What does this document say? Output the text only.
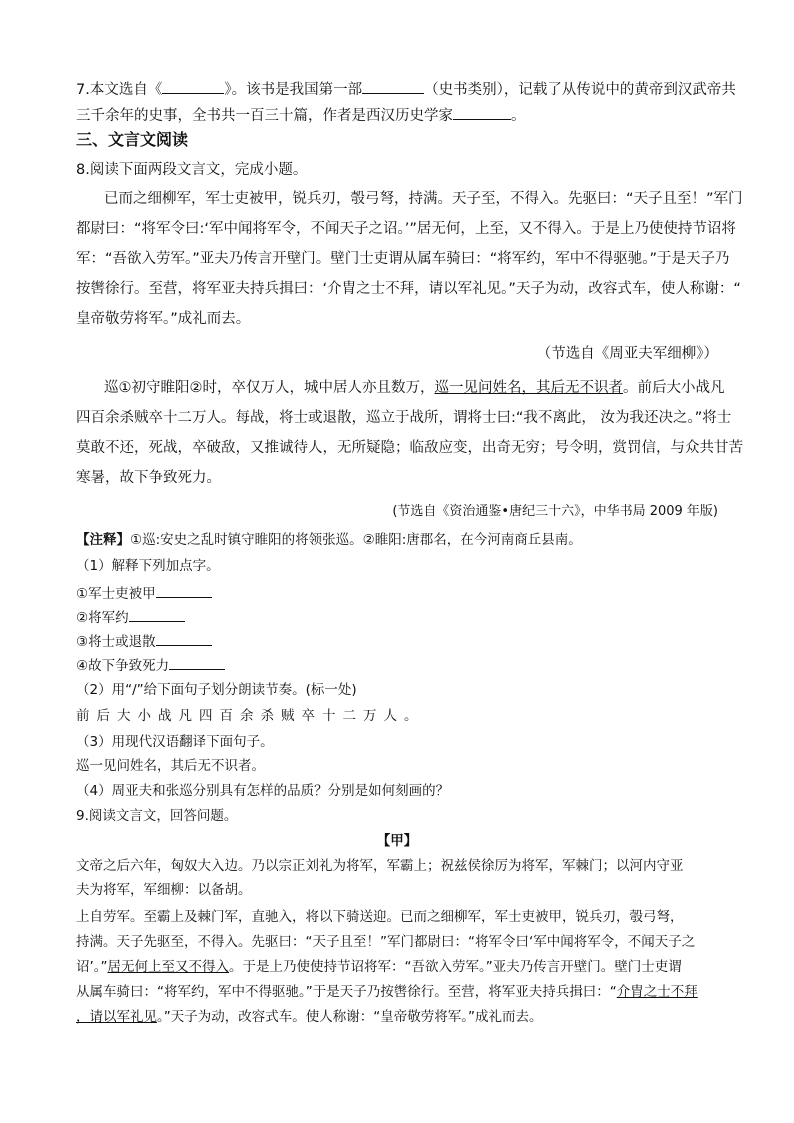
7.本文选自《	》。该书是我国第一部	（史书类别），记载了从传说中的黄帝到汉武帝共
三千余年的史事，全书共一百三十篇，作者是西汉历史学家	。
三、文言文阅读
8.阅读下面两段文言文，完成小题。
已而之细柳军，军士吏被甲，锐兵刃，彀弓弩，持满。天子至，不得入。先驱曰：“天子且至！”军门
都尉曰：“将军令曰:‘军中闻将军令，不闻天子之诏。’”居无何，上至，又不得入。于是上乃使使持节诏将
军：“吾欲入劳军。”亚夫乃传言开壁门。壁门士吏谓从属车骑曰：“将军约，军中不得驱驰。”于是天子乃
按辔徐行。至营，将军亚夫持兵揖曰：‘介胄之士不拜，请以军礼见。”天子为动，改容式车，使人称谢：“
皇帝敬劳将军。”成礼而去。
（节选自《周亚夫军细柳》）
巡①初守睢阳②时，卒仅万人，城中居人亦且数万，巡一见问姓名，其后无不识者。前后大小战凡
四百余杀贼卒十二万人。每战，将士或退散，巡立于战所，谓将士曰:“我不离此， 汝为我还决之。”将士
莫敢不还，死战，卒破敌，又推诚待人，无所疑隐；临敌应变，出奇无穷；号令明，赏罚信，与众共甘苦
寒暑，故下争致死力。
(节选自《资治通鉴•唐纪三十六》，中华书局 2009 年版)
【注释】①巡:安史之乱时镇守睢阳的将领张巡。②睢阳:唐郡名，在今河南商丘县南。
（1）解释下列加点字。
①军士吏被甲
②将军约
③将士或退散
④故下争致死力
（2）用“/”给下面句子划分朗读节奏。(标一处)
前后大小战凡四百余杀贼卒十二万人。
（3）用现代汉语翻译下面句子。
巡一见问姓名，其后无不识者。
（4）周亚夫和张巡分别具有怎样的品质？分别是如何刻画的？
9.阅读文言文，回答问题。
【甲】
文帝之后六年，匈奴大入边。乃以宗正刘礼为将军，军霸上；祝兹侯徐厉为将军，军棘门；以河内守亚
夫为将军，军细柳：以备胡。
上自劳军。至霸上及棘门军，直驰入，将以下骑送迎。已而之细柳军，军士吏被甲，锐兵刃，彀弓弩，
持满。天子先驱至，不得入。先驱曰：“天子且至！”军门都尉曰：“将军令曰‘军中闻将军令，不闻天子之
诏’。”居无何上至又不得入。于是上乃使使持节诏将军：“吾欲入劳军。”亚夫乃传言开壁门。壁门士吏谓
从属车骑曰：“将军约，军中不得驱驰。”于是天子乃按辔徐行。至营，将军亚夫持兵揖曰：“介胄之士不拜
，请以军礼见。”天子为动，改容式车。使人称谢：“皇帝敬劳将军。”成礼而去。
